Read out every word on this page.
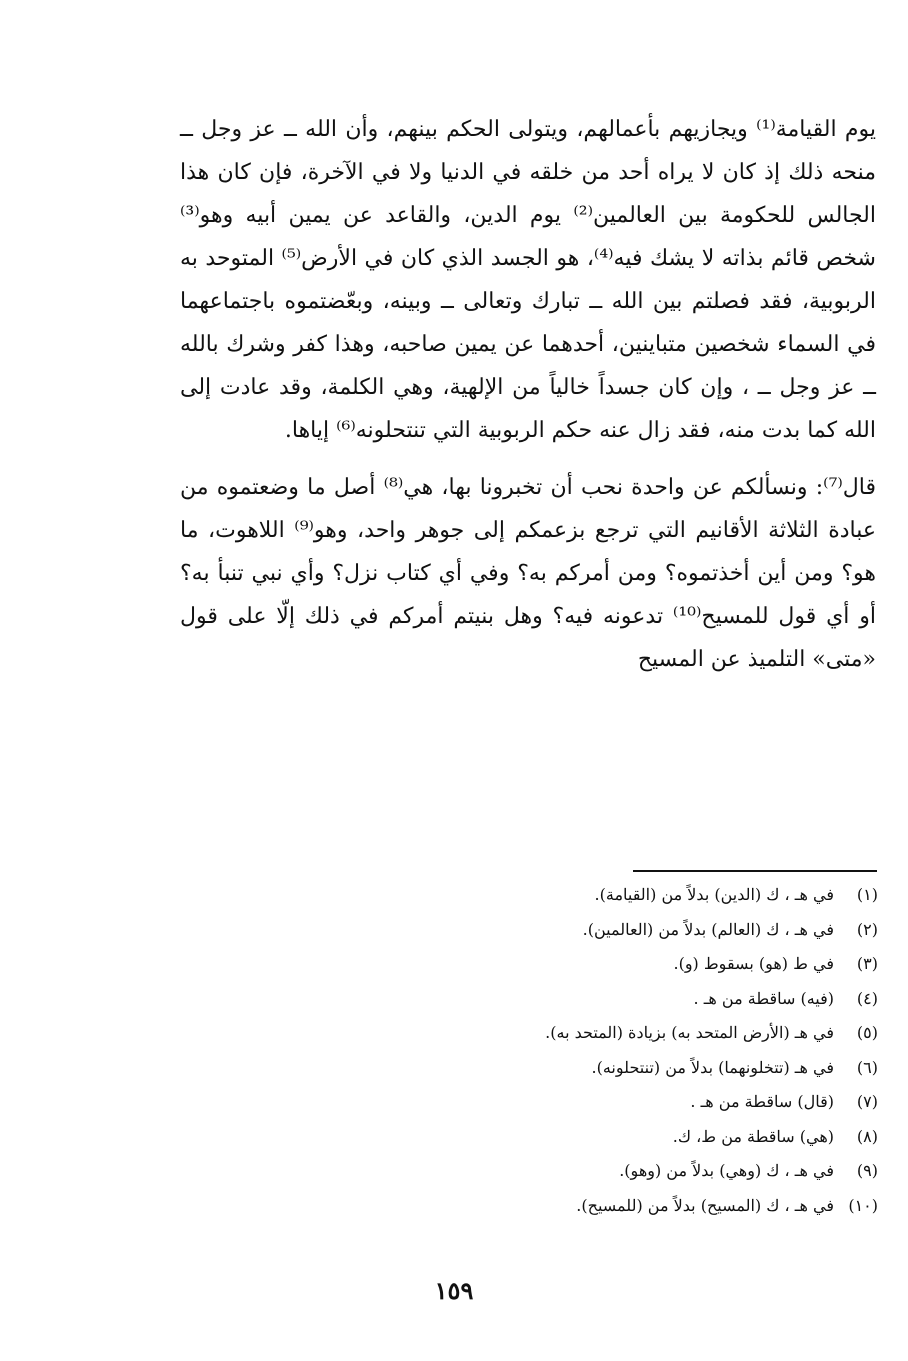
يوم القيامة⁽¹⁾ ويجازيهم بأعمالهم، ويتولى الحكم بينهم، وأن الله ــ عز وجل ــ منحه ذلك إذ كان لا يراه أحد من خلقه في الدنيا ولا في الآخرة، فإن كان هذا الجالس للحكومة بين العالمين⁽²⁾ يوم الدين، والقاعد عن يمين أبيه وهو⁽³⁾ شخص قائم بذاته لا يشك فيه⁽⁴⁾، هو الجسد الذي كان في الأرض⁽⁵⁾ المتوحد به الربوبية، فقد فصلتم بين الله ــ تبارك وتعالى ــ وبينه، وبعّضتموه باجتماعهما في السماء شخصين متباينين، أحدهما عن يمين صاحبه، وهذا كفر وشرك بالله ــ عز وجل ــ ، وإن كان جسداً خالياً من الإلهية، وهي الكلمة، وقد عادت إلى الله كما بدت منه، فقد زال عنه حكم الربوبية التي تنتحلونه⁽⁶⁾ إياها.

قال⁽⁷⁾: ونسألكم عن واحدة نحب أن تخبرونا بها، هي⁽⁸⁾ أصل ما وضعتموه من عبادة الثلاثة الأقانيم التي ترجع بزعمكم إلى جوهر واحد، وهو⁽⁹⁾ اللاهوت، ما هو؟ ومن أين أخذتموه؟ ومن أمركم به؟ وفي أي كتاب نزل؟ وأي نبي تنبأ به؟ أو أي قول للمسيح⁽¹⁰⁾ تدعونه فيه؟ وهل بنيتم أمركم في ذلك إلّا على قول «متى» التلميذ عن المسيح

(١)
في هـ ، ك (الدين) بدلاً من (القيامة).
(٢)
في هـ ، ك (العالم) بدلاً من (العالمين).
(٣)
في ط (هو) بسقوط (و).
(٤)
(فيه) ساقطة من هـ .
(٥)
في هـ (الأرض المتحد به) بزيادة (المتحد به).
(٦)
في هـ (تتخلونهما) بدلاً من (تنتحلونه).
(٧)
(قال) ساقطة من هـ .
(٨)
(هي) ساقطة من ط، ك.
(٩)
في هـ ، ك (وهي) بدلاً من (وهو).
(١٠)
في هـ ، ك (المسيح) بدلاً من (للمسيح).
١٥٩
